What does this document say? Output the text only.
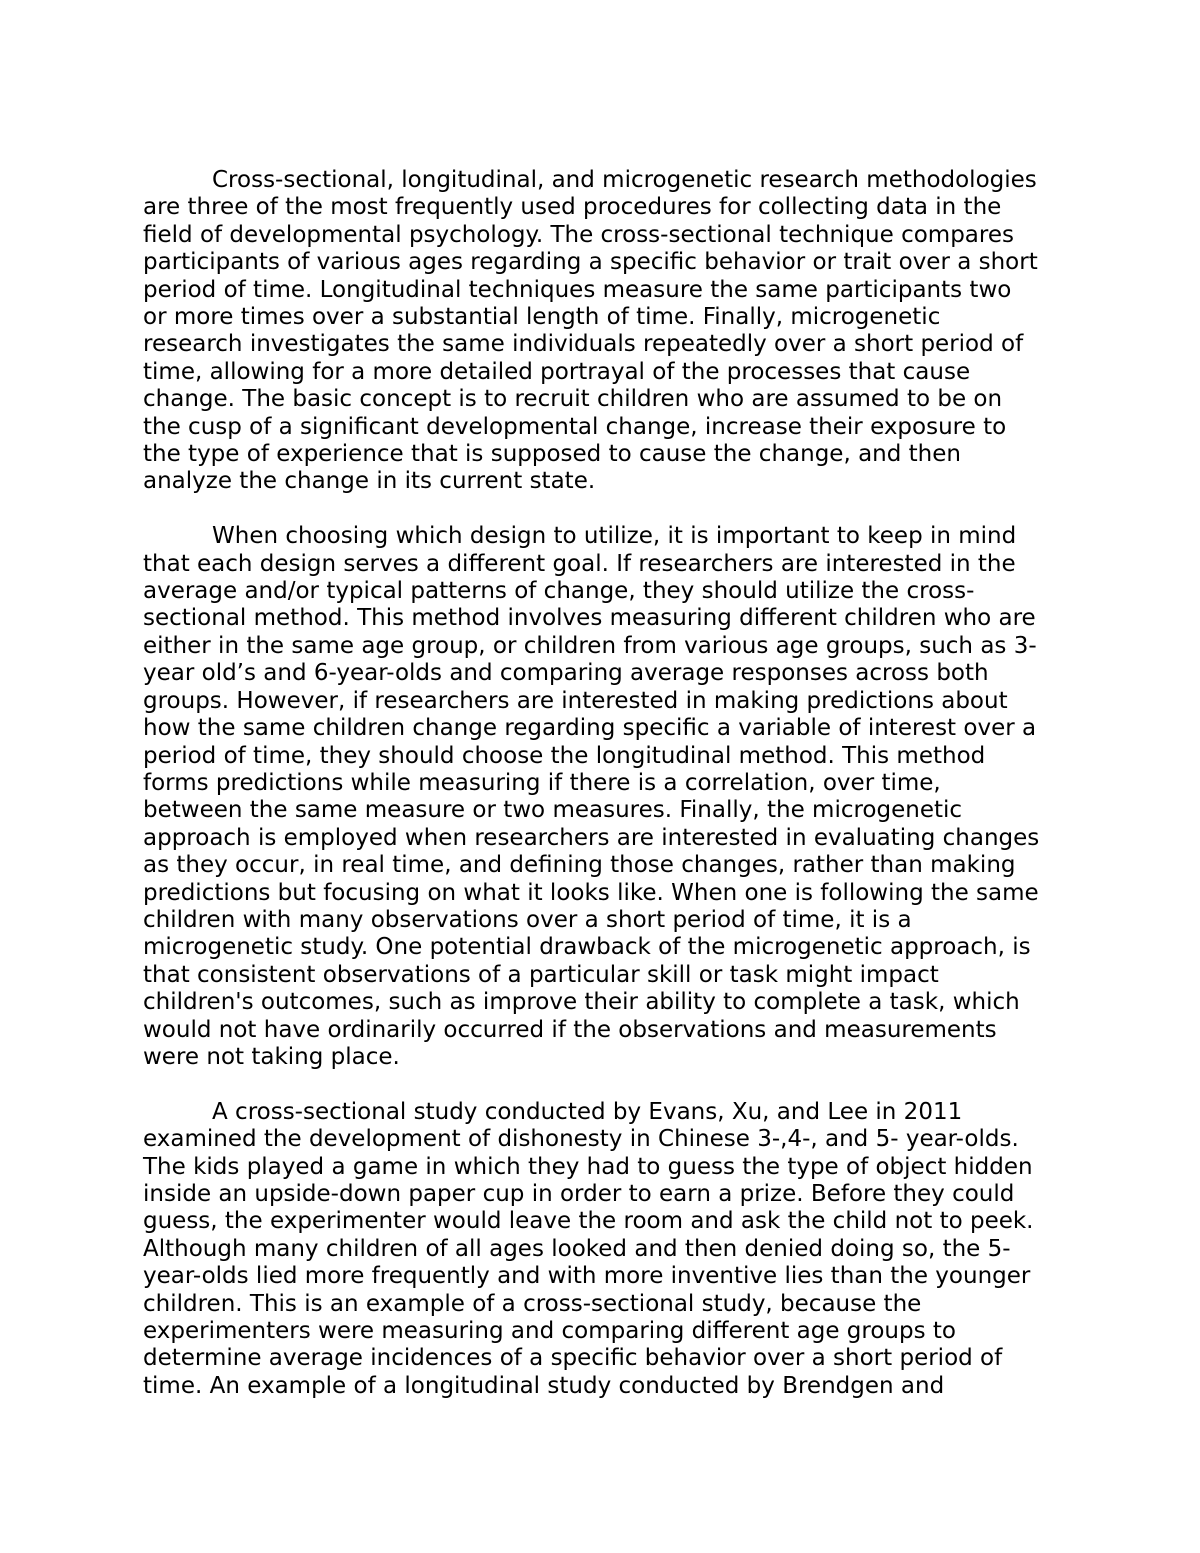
Cross-sectional, longitudinal, and microgenetic research methodologies
are three of the most frequently used procedures for collecting data in the
field of developmental psychology. The cross-sectional technique compares
participants of various ages regarding a specific behavior or trait over a short
period of time. Longitudinal techniques measure the same participants two
or more times over a substantial length of time. Finally, microgenetic
research investigates the same individuals repeatedly over a short period of
time, allowing for a more detailed portrayal of the processes that cause
change. The basic concept is to recruit children who are assumed to be on
the cusp of a significant developmental change, increase their exposure to
the type of experience that is supposed to cause the change, and then
analyze the change in its current state.
When choosing which design to utilize, it is important to keep in mind
that each design serves a different goal. If researchers are interested in the
average and/or typical patterns of change, they should utilize the cross-
sectional method. This method involves measuring different children who are
either in the same age group, or children from various age groups, such as 3-
year old’s and 6-year-olds and comparing average responses across both
groups. However, if researchers are interested in making predictions about
how the same children change regarding specific a variable of interest over a
period of time, they should choose the longitudinal method. This method
forms predictions while measuring if there is a correlation, over time,
between the same measure or two measures. Finally, the microgenetic
approach is employed when researchers are interested in evaluating changes
as they occur, in real time, and defining those changes, rather than making
predictions but focusing on what it looks like. When one is following the same
children with many observations over a short period of time, it is a
microgenetic study. One potential drawback of the microgenetic approach, is
that consistent observations of a particular skill or task might impact
children's outcomes, such as improve their ability to complete a task, which
would not have ordinarily occurred if the observations and measurements
were not taking place.
A cross-sectional study conducted by Evans, Xu, and Lee in 2011
examined the development of dishonesty in Chinese 3-,4-, and 5- year-olds.
The kids played a game in which they had to guess the type of object hidden
inside an upside-down paper cup in order to earn a prize. Before they could
guess, the experimenter would leave the room and ask the child not to peek.
Although many children of all ages looked and then denied doing so, the 5-
year-olds lied more frequently and with more inventive lies than the younger
children. This is an example of a cross-sectional study, because the
experimenters were measuring and comparing different age groups to
determine average incidences of a specific behavior over a short period of
time. An example of a longitudinal study conducted by Brendgen and
